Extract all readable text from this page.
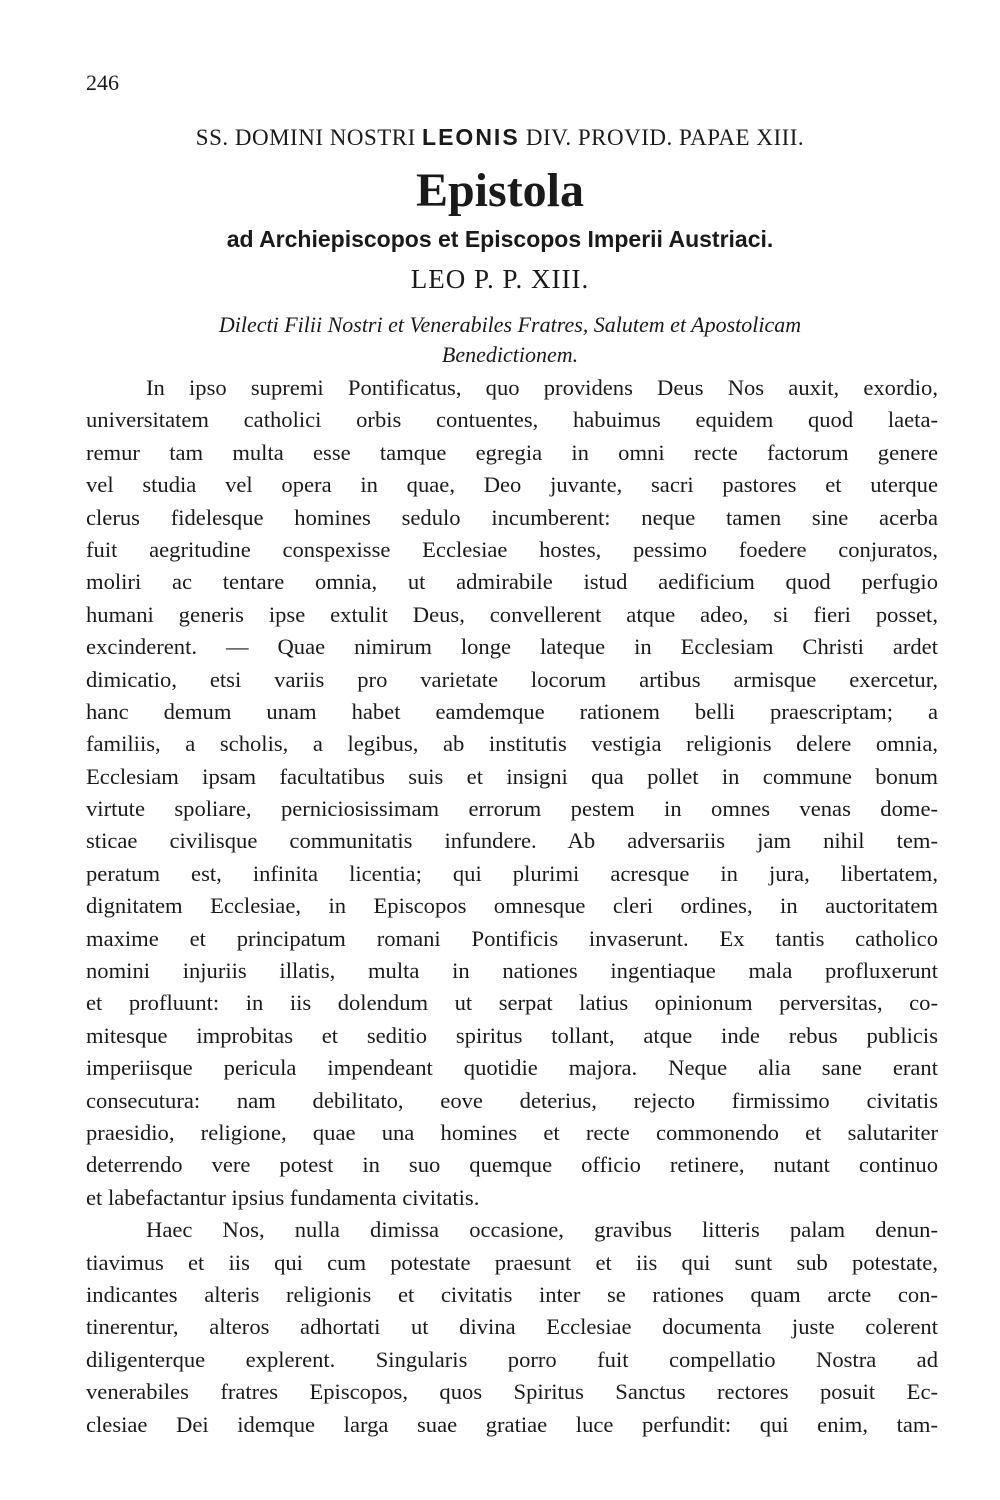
246
SS. DOMINI NOSTRI LEONIS DIV. PROVID. PAPAE XIII.
Epistola
ad Archiepiscopos et Episcopos Imperii Austriaci.
LEO P. P. XIII.
Dilecti Filii Nostri et Venerabiles Fratres, Salutem et Apostolicam
Benedictionem.
In ipso supremi Pontificatus, quo providens Deus Nos auxit, exordio,
universitatem catholici orbis contuentes, habuimus equidem quod laeta-
remur tam multa esse tamque egregia in omni recte factorum genere
vel studia vel opera in quae, Deo juvante, sacri pastores et uterque
clerus fidelesque homines sedulo incumberent: neque tamen sine acerba
fuit aegritudine conspexisse Ecclesiae hostes, pessimo foedere conjuratos,
moliri ac tentare omnia, ut admirabile istud aedificium quod perfugio
humani generis ipse extulit Deus, convellerent atque adeo, si fieri posset,
excinderent. — Quae nimirum longe lateque in Ecclesiam Christi ardet
dimicatio, etsi variis pro varietate locorum artibus armisque exercetur,
hanc demum unam habet eamdemque rationem belli praescriptam; a
familiis, a scholis, a legibus, ab institutis vestigia religionis delere omnia,
Ecclesiam ipsam facultatibus suis et insigni qua pollet in commune bonum
virtute spoliare, perniciosissimam errorum pestem in omnes venas dome-
sticae civilisque communitatis infundere. Ab adversariis jam nihil tem-
peratum est, infinita licentia; qui plurimi acresque in jura, libertatem,
dignitatem Ecclesiae, in Episcopos omnesque cleri ordines, in auctoritatem
maxime et principatum romani Pontificis invaserunt. Ex tantis catholico
nomini injuriis illatis, multa in nationes ingentiaque mala profluxerunt
et profluunt: in iis dolendum ut serpat latius opinionum perversitas, co-
mitesque improbitas et seditio spiritus tollant, atque inde rebus publicis
imperiisque pericula impendeant quotidie majora. Neque alia sane erant
consecutura: nam debilitato, eove deterius, rejecto firmissimo civitatis
praesidio, religione, quae una homines et recte commonendo et salutariter
deterrendo vere potest in suo quemque officio retinere, nutant continuo
et labefactantur ipsius fundamenta civitatis.
Haec Nos, nulla dimissa occasione, gravibus litteris palam denun-
tiavimus et iis qui cum potestate praesunt et iis qui sunt sub potestate,
indicantes alteris religionis et civitatis inter se rationes quam arcte con-
tinerentur, alteros adhortati ut divina Ecclesiae documenta juste colerent
diligenterque explerent. Singularis porro fuit compellatio Nostra ad
venerabiles fratres Episcopos, quos Spiritus Sanctus rectores posuit Ec-
clesiae Dei idemque larga suae gratiae luce perfundit: qui enim, tam-
